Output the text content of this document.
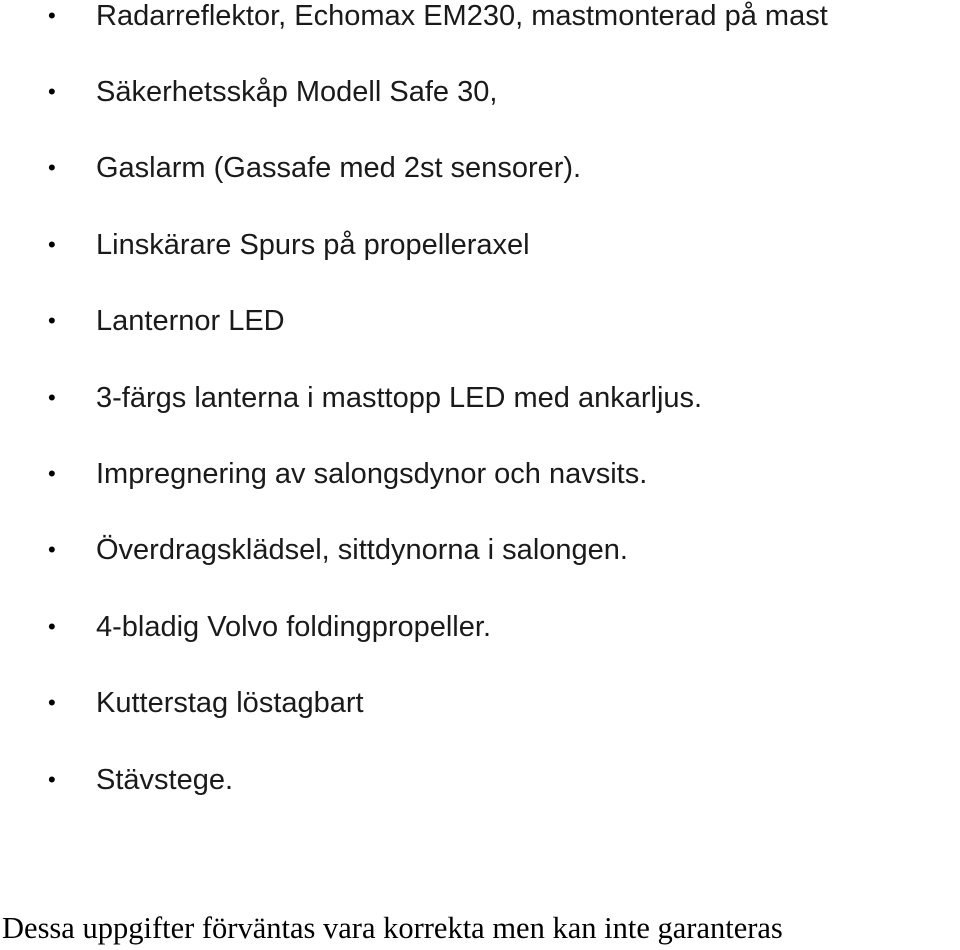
• Radarreflektor, Echomax EM230, mastmonterad på mast
• Säkerhetsskåp Modell Safe 30,
• Gaslarm (Gassafe med 2st sensorer).
• Linskärare Spurs på propelleraxel
• Lanternor LED
• 3-färgs lanterna i masttopp LED med ankarljus.
• Impregnering av salongsdynor och navsits.
• Överdragsklädsel, sittdynorna i salongen.
• 4-bladig Volvo foldingpropeller.
• Kutterstag löstagbart
• Stävstege.
Dessa uppgifter förväntas vara korrekta men kan inte garanteras
